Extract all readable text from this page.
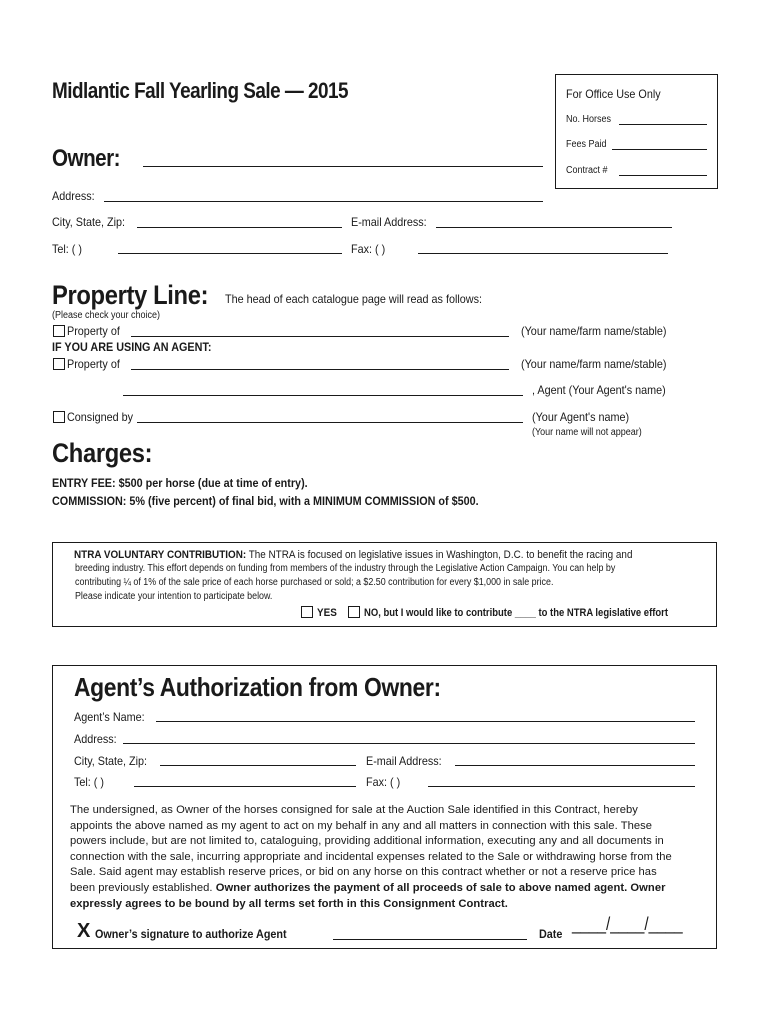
Midlantic Fall Yearling Sale — 2015	For Office Use Only
No. Horses
Fees Paid
Contract #
Owner:
Address:
City, State, Zip:	E-mail Address:
Tel: ( )	Fax: ( )
Property Line: The head of each catalogue page will read as follows:
(Please check your choice)
Property of	(Your name/farm name/stable)
IF YOU ARE USING AN AGENT:
Property of	(Your name/farm name/stable)
, Agent (Your Agent's name)
Consigned by	(Your Agent's name)
(Your name will not appear)
Charges:
ENTRY FEE: $500 per horse (due at time of entry).
COMMISSION: 5% (five percent) of final bid, with a MINIMUM COMMISSION of $500.
NTRA VOLUNTARY CONTRIBUTION: The NTRA is focused on legislative issues in Washington, D.C. to benefit the racing and
breeding industry. This effort depends on funding from members of the industry through the Legislative Action Campaign. You can help by
contributing ¼ of 1% of the sale price of each horse purchased or sold; a $2.50 contribution for every $1,000 in sale price.
Please indicate your intention to participate below.
YES NO, but I would like to contribute ____ to the NTRA legislative effort
Agent’s Authorization from Owner:
Agent’s Name:
Address:
City, State, Zip:	E-mail Address:
Tel: ( )	Fax: ( )
The undersigned, as Owner of the horses consigned for sale at the Auction Sale identified in this Contract, hereby
appoints the above named as my agent to act on my behalf in any and all matters in connection with this sale. These
powers include, but are not limited to, cataloguing, providing additional information, executing any and all documents in
connection with the sale, incurring appropriate and incidental expenses related to the Sale or withdrawing horse from the
Sale. Said agent may establish reserve prices, or bid on any horse on this contract whether or not a reserve price has
been previously established. Owner authorizes the payment of all proceeds of sale to above named agent. Owner
expressly agrees to be bound by all terms set forth in this Consignment Contract.
X Owner’s signature to authorize Agent	Date ____/____/____
